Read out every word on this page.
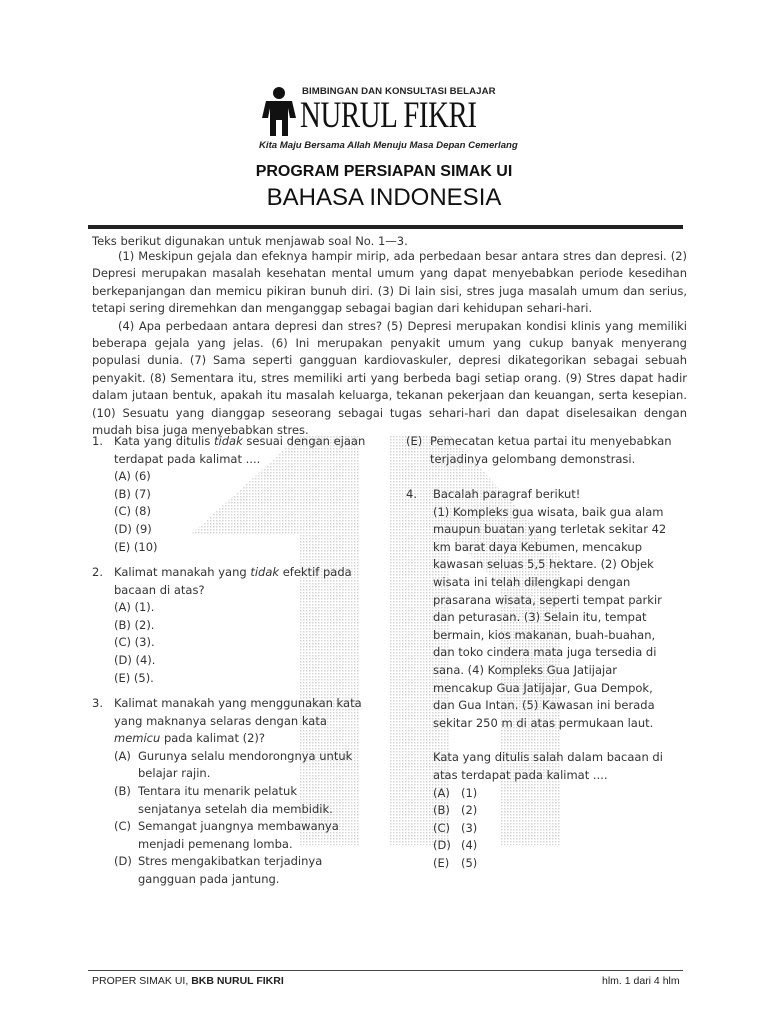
BIMBINGAN DAN KONSULTASI BELAJAR
NURUL FIKRI
Kita Maju Bersama Allah Menuju Masa Depan Cemerlang
PROGRAM PERSIAPAN SIMAK UI
BAHASA INDONESIA
Teks berikut digunakan untuk menjawab soal No. 1—3.

(1) Meskipun gejala dan efeknya hampir mirip, ada perbedaan besar antara stres dan depresi. (2) Depresi merupakan masalah kesehatan mental umum yang dapat menyebabkan periode kesedihan berkepanjangan dan memicu pikiran bunuh diri. (3) Di lain sisi, stres juga masalah umum dan serius, tetapi sering diremehkan dan menganggap sebagai bagian dari kehidupan sehari-hari.

(4) Apa perbedaan antara depresi dan stres? (5) Depresi merupakan kondisi klinis yang memiliki beberapa gejala yang jelas. (6) Ini merupakan penyakit umum yang cukup banyak menyerang populasi dunia. (7) Sama seperti gangguan kardiovaskuler, depresi dikategorikan sebagai sebuah penyakit. (8) Sementara itu, stres memiliki arti yang berbeda bagi setiap orang. (9) Stres dapat hadir dalam jutaan bentuk, apakah itu masalah keluarga, tekanan pekerjaan dan keuangan, serta kesepian. (10) Sesuatu yang dianggap seseorang sebagai tugas sehari-hari dan dapat diselesaikan dengan mudah bisa juga menyebabkan stres.

1. Kata yang ditulis tidak sesuai dengan ejaan terdapat pada kalimat ....
(A) (6)
(B) (7)
(C) (8)
(D) (9)
(E) (10)
2. Kalimat manakah yang tidak efektif pada bacaan di atas?
(A) (1).
(B) (2).
(C) (3).
(D) (4).
(E) (5).
3. Kalimat manakah yang menggunakan kata yang maknanya selaras dengan kata memicu pada kalimat (2)?
(A) Gurunya selalu mendorongnya untuk belajar rajin.
(B) Tentara itu menarik pelatuk senjatanya setelah dia membidik.
(C) Semangat juangnya membawanya menjadi pemenang lomba.
(D) Stres mengakibatkan terjadinya gangguan pada jantung.
(E) Pemecatan ketua partai itu menyebabkan terjadinya gelombang demonstrasi.
4. Bacalah paragraf berikut!
(1) Kompleks gua wisata, baik gua alam maupun buatan yang terletak sekitar 42 km barat daya Kebumen, mencakup kawasan seluas 5,5 hektare. (2) Objek wisata ini telah dilengkapi dengan prasarana wisata, seperti tempat parkir dan peturasan. (3) Selain itu, tempat bermain, kios makanan, buah-buahan, dan toko cindera mata juga tersedia di sana. (4) Kompleks Gua Jatijajar mencakup Gua Jatijajar, Gua Dempok, dan Gua Intan. (5) Kawasan ini berada sekitar 250 m di atas permukaan laut.
Kata yang ditulis salah dalam bacaan di atas terdapat pada kalimat ....
(A) (1)
(B) (2)
(C) (3)
(D) (4)
(E) (5)
PROPER SIMAK UI, BKB NURUL FIKRI	hlm. 1 dari 4 hlm
